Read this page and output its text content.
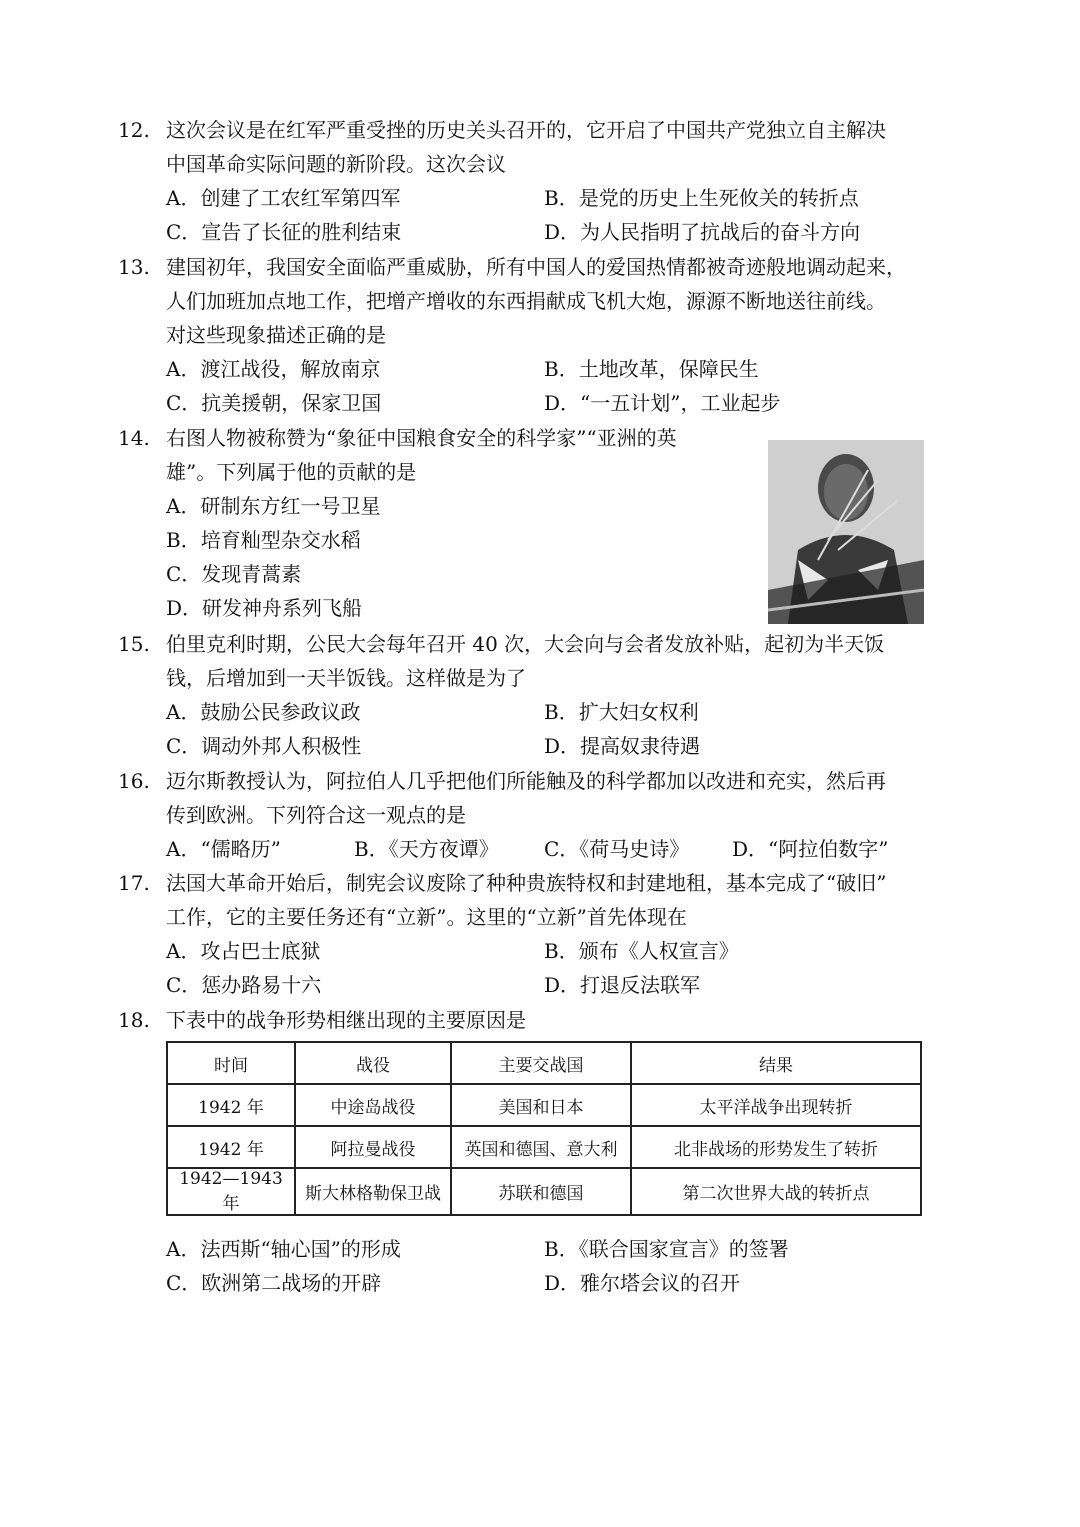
12. 这次会议是在红军严重受挫的历史关头召开的，它开启了中国共产党独立自主解决
中国革命实际问题的新阶段。这次会议
A．创建了工农红军第四军	B．是党的历史上生死攸关的转折点
C．宣告了长征的胜利结束	D．为人民指明了抗战后的奋斗方向
13. 建国初年，我国安全面临严重威胁，所有中国人的爱国热情都被奇迹般地调动起来，
人们加班加点地工作，把增产增收的东西捐献成飞机大炮，源源不断地送往前线。
对这些现象描述正确的是
A．渡江战役，解放南京	B．土地改革，保障民生
C．抗美援朝，保家卫国	D．“一五计划”，工业起步
14. 右图人物被称赞为“象征中国粮食安全的科学家”“亚洲的英
雄”。下列属于他的贡献的是
A．研制东方红一号卫星
B．培育籼型杂交水稻
C．发现青蒿素
D．研发神舟系列飞船
15. 伯里克利时期，公民大会每年召开 40 次，大会向与会者发放补贴，起初为半天饭
钱，后增加到一天半饭钱。这样做是为了
A．鼓励公民参政议政	B．扩大妇女权利
C．调动外邦人积极性	D．提高奴隶待遇
16. 迈尔斯教授认为，阿拉伯人几乎把他们所能触及的科学都加以改进和充实，然后再
传到欧洲。下列符合这一观点的是
A．“儒略历”	B．《天方夜谭》 C．《荷马史诗》 D．“阿拉伯数字”
17. 法国大革命开始后，制宪会议废除了种种贵族特权和封建地租，基本完成了“破旧”
工作，它的主要任务还有“立新”。这里的“立新”首先体现在
A．攻占巴士底狱	B．颁布《人权宣言》
C．惩办路易十六	D．打退反法联军
18. 下表中的战争形势相继出现的主要原因是
时间	战役	主要交战国	结果
1942 年	中途岛战役	美国和日本	太平洋战争出现转折
1942 年	阿拉曼战役	英国和德国、意大利	北非战场的形势发生了转折
1942—1943 年	斯大林格勒保卫战	苏联和德国	第二次世界大战的转折点
A．法西斯“轴心国”的形成	B．《联合国家宣言》的签署
C．欧洲第二战场的开辟	D．雅尔塔会议的召开
